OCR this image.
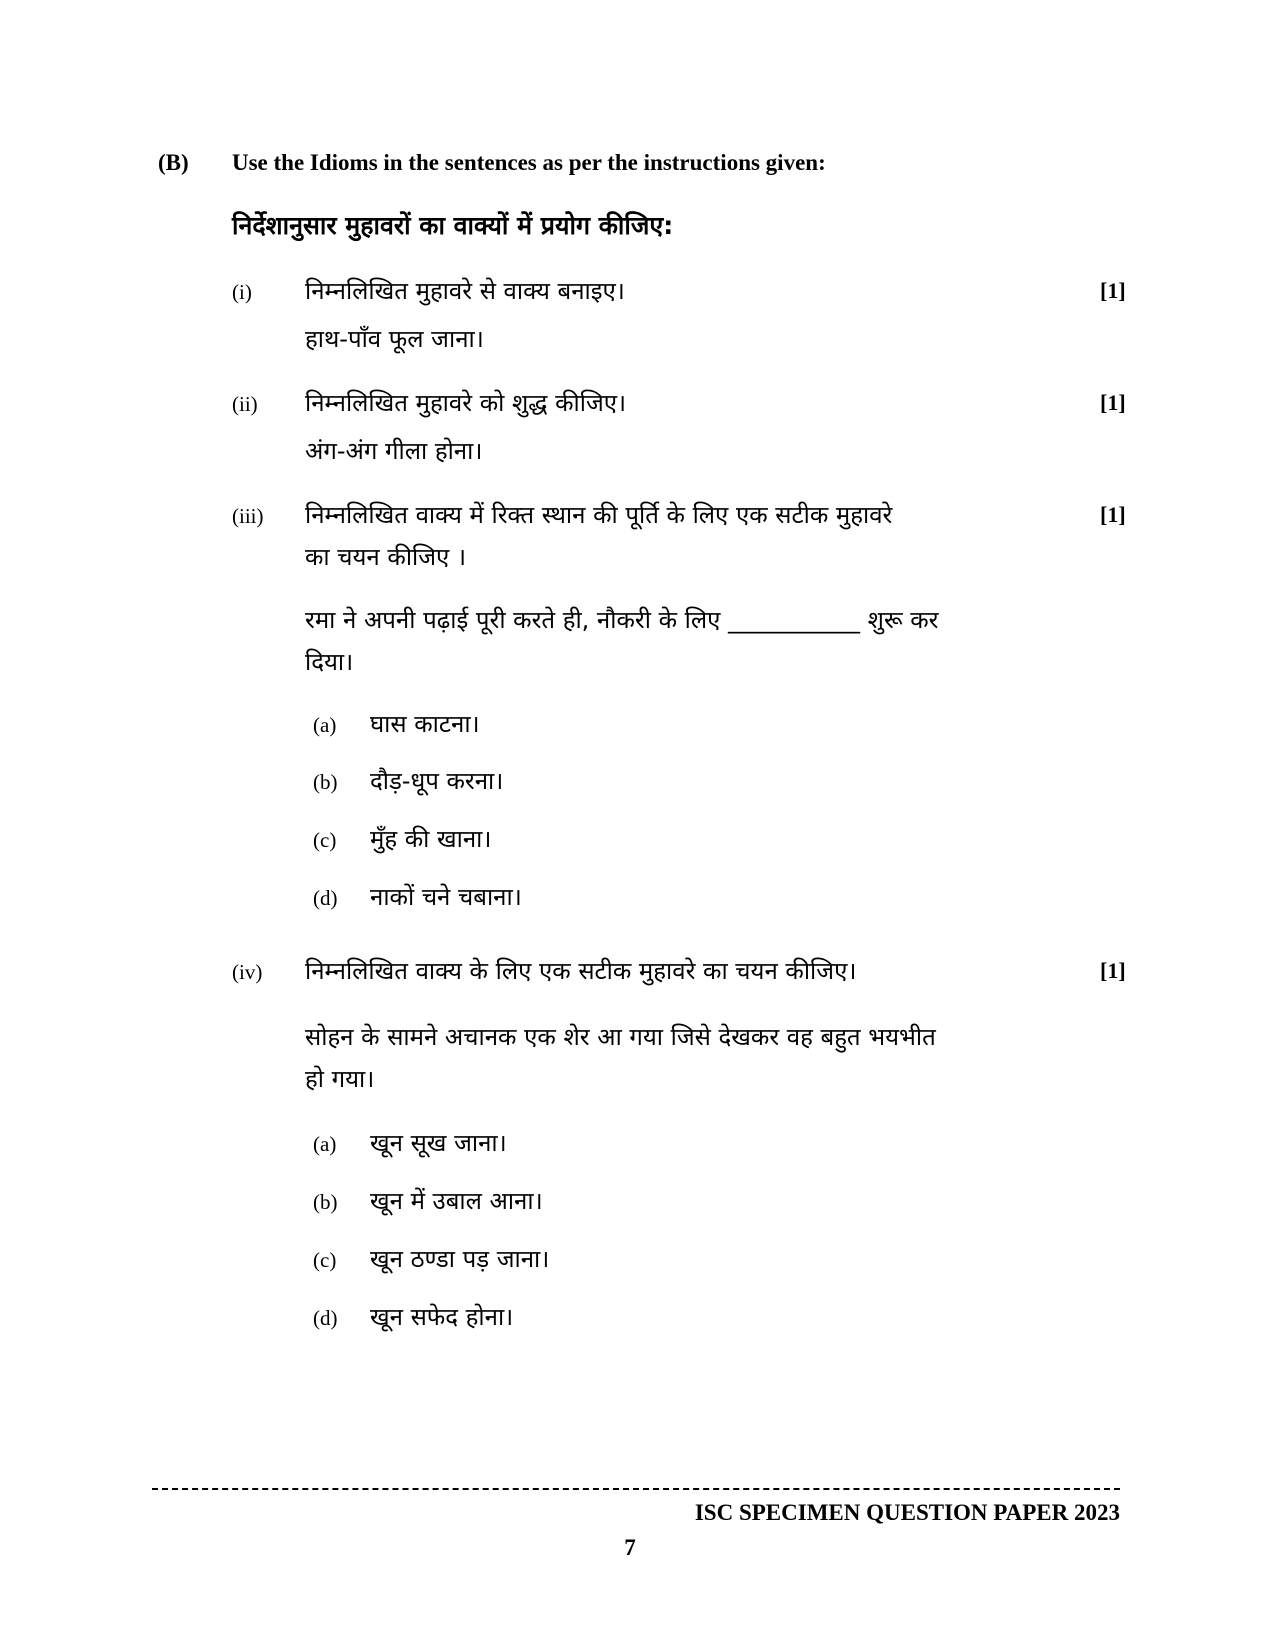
(B) Use the Idioms in the sentences as per the instructions given:
निर्देशानुसार मुहावरों का वाक्यों में प्रयोग कीजिए:
(i) निम्नलिखित मुहावरे से वाक्य बनाइए।	[1]
हाथ-पाँव फूल जाना।
(ii) निम्नलिखित मुहावरे को शुद्ध कीजिए।	[1]
अंग-अंग गीला होना।
(iii) निम्नलिखित वाक्य में रिक्त स्थान की पूर्ति के लिए एक सटीक मुहावरे	[1]
का चयन कीजिए ।
रमा ने अपनी पढ़ाई पूरी करते ही, नौकरी के लिए ___________ शुरू कर
दिया।
(a) घास काटना।
(b) दौड़-धूप करना।
(c) मुँह की खाना।
(d) नाकों चने चबाना।
(iv) निम्नलिखित वाक्य के लिए एक सटीक मुहावरे का चयन कीजिए।	[1]
सोहन के सामने अचानक एक शेर आ गया जिसे देखकर वह बहुत भयभीत
हो गया।
(a) खून सूख जाना।
(b) खून में उबाल आना।
(c) खून ठण्डा पड़ जाना।
(d) खून सफेद होना।
ISC SPECIMEN QUESTION PAPER 2023
7
